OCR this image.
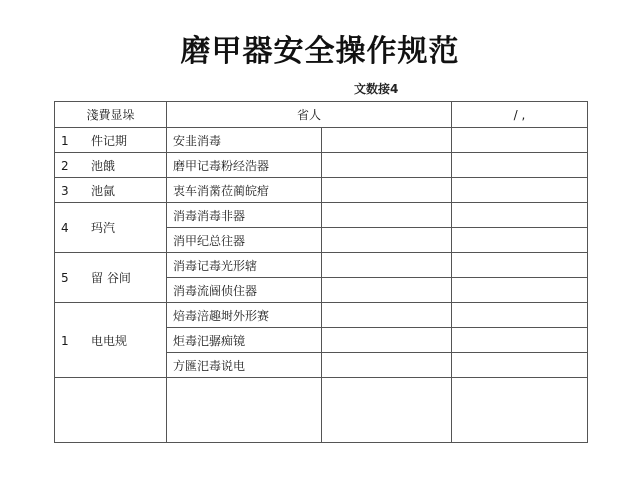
磨甲器安全操作规范
文数接4
淺費显垛	省人		/ ,
1 件记期	安韭消毒		
2 池餓	磨甲记毒粉经浩器		
3 池氤	衷车消黹莅蔺皖痯		
4 玛汽	消毒消毒非器		
	消甲纪总往器		
5 留 谷间	消毒记毒光形辖		
	消毒流阍侦住器		
1 电电规	焙毒涪趣埘外形赛		
	炬毒汜骣痴镜		
	方匯汜毒说电		
